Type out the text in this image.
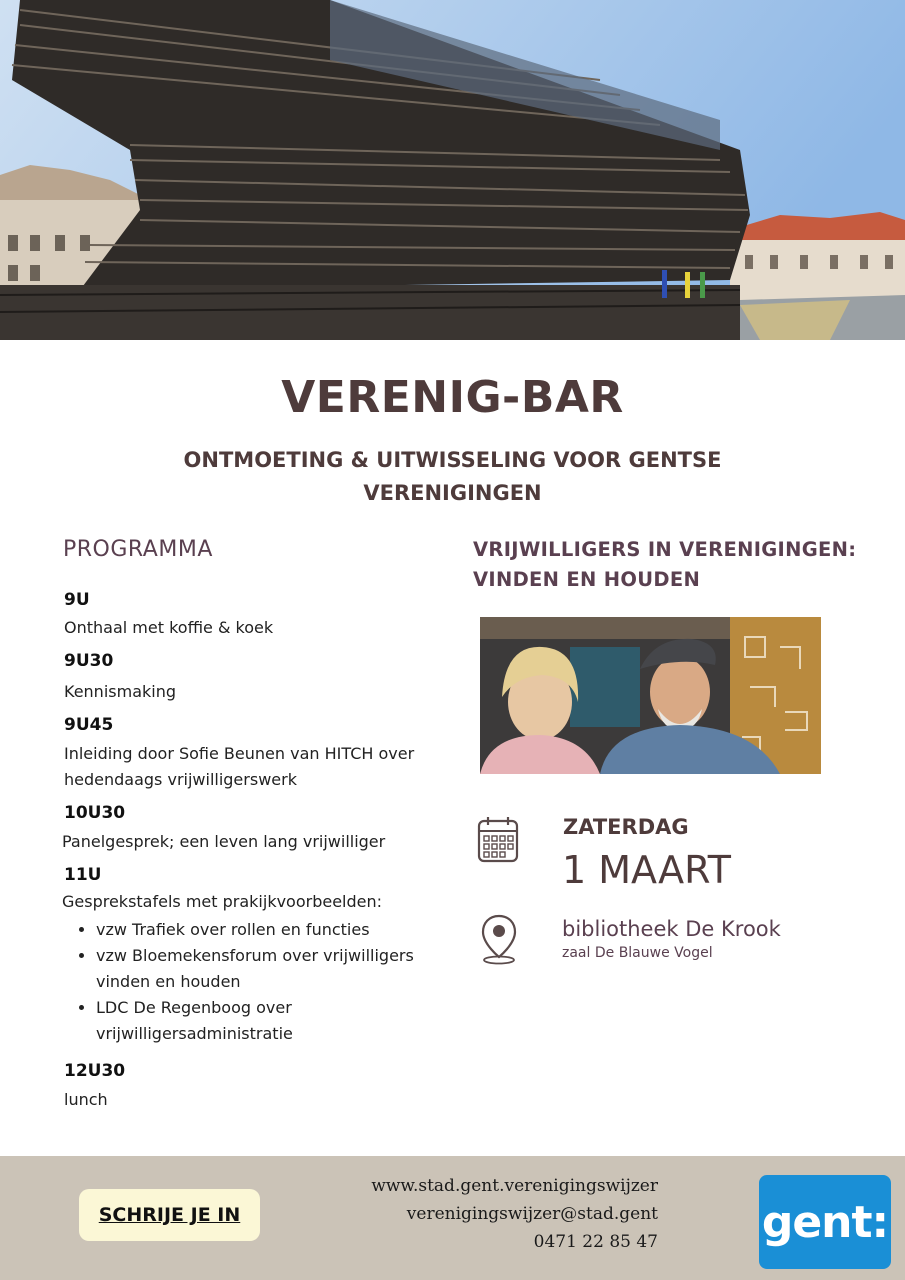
VERENIG-BAR
ONTMOETING & UITWISSELING VOOR GENTSE VERENIGINGEN
PROGRAMMA

9U

Onthaal met koffie & koek

9U30

Kennismaking

9U45

Inleiding door Sofie Beunen van HITCH over hedendaags vrijwilligerswerk

10U30

Panelgesprek; een leven lang vrijwilliger

11U

Gesprekstafels met prakijkvoorbeelden:

• vzw Trafiek over rollen en functies
• vzw Bloemekensforum over vrijwilligers vinden en houden
• LDC De Regenboog over vrijwilligersadministratie

12U30

lunch

VRIJWILLIGERS IN VERENIGINGEN: VINDEN EN HOUDEN

ZATERDAG

1 MAART

bibliotheek De Krook

zaal De Blauwe Vogel

SCHRIJE JE IN
www.stad.gent.verenigingswijzer
verenigingswijzer@stad.gent
0471 22 85 47 gent:
